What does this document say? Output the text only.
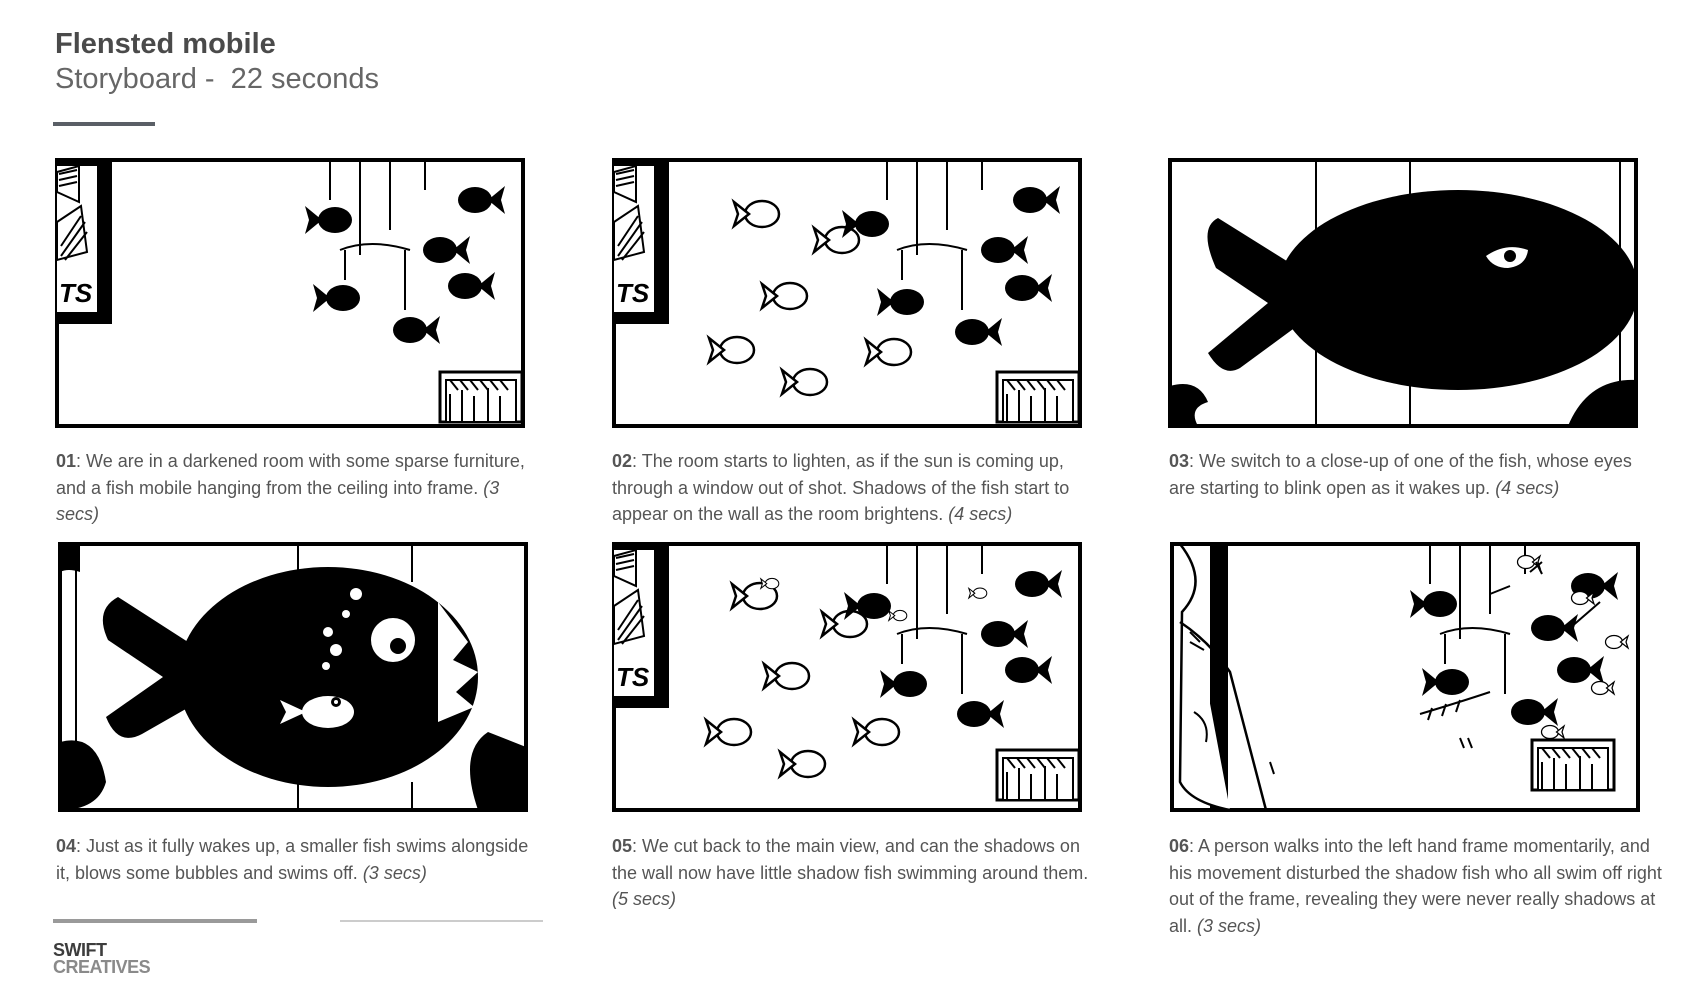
Flensted mobile
Storyboard -  22 seconds
01: We are in a darkened room with some sparse furniture, and a fish mobile hanging from the ceiling into frame. (3 secs)
02: The room starts to lighten, as if the sun is coming up, through a window out of shot. Shadows of the fish start to appear on the wall as the room brightens. (4 secs)
03: We switch to a close-up of one of the fish, whose eyes are starting to blink open as it wakes up. (4 secs)
04: Just as it fully wakes up, a smaller fish swims alongside it, blows some bubbles and swims off. (3 secs)
05: We cut back to the main view, and can the shadows on the wall now have little shadow fish swimming around them. (5 secs)
06: A person walks into the left hand frame momentarily, and his movement disturbed the shadow fish who all swim off right out of the frame, revealing they were never really shadows at all. (3 secs)
SWIFT
CREATIVES
